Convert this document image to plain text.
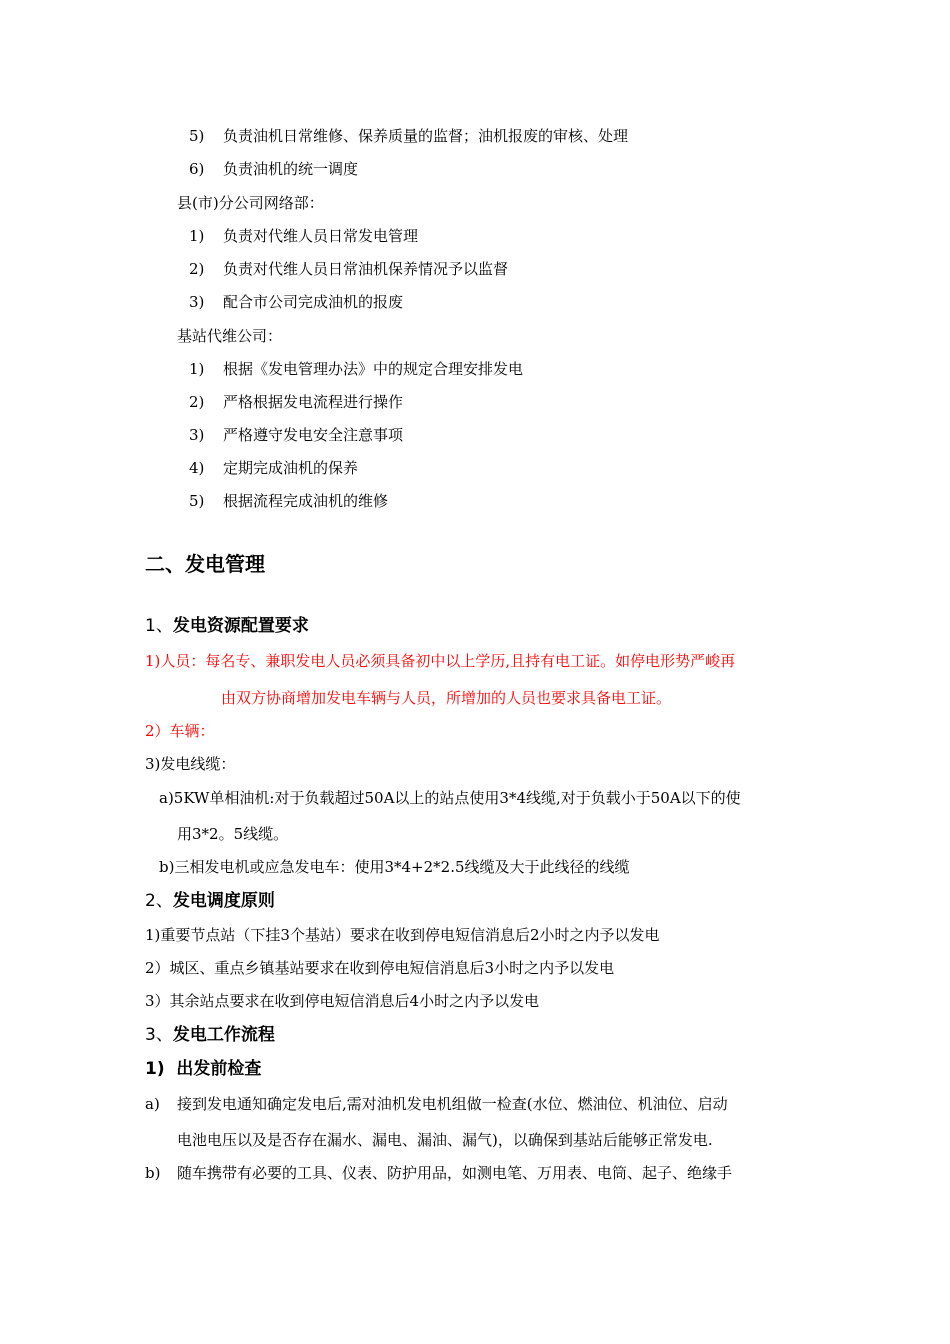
5) 负责油机日常维修、保养质量的监督；油机报废的审核、处理
6) 负责油机的统一调度
县(市)分公司网络部：
1) 负责对代维人员日常发电管理
2) 负责对代维人员日常油机保养情况予以监督
3) 配合市公司完成油机的报废
基站代维公司：
1) 根据《发电管理办法》中的规定合理安排发电
2) 严格根据发电流程进行操作
3) 严格遵守发电安全注意事项
4) 定期完成油机的保养
5) 根据流程完成油机的维修
二、发电管理
1、发电资源配置要求
1)人员：每名专、兼职发电人员必须具备初中以上学历,且持有电工证。如停电形势严峻再
由双方协商增加发电车辆与人员，所增加的人员也要求具备电工证。
2）车辆：
3)发电线缆：
a)5KW单相油机:对于负载超过50A以上的站点使用3*4线缆,对于负载小于50A以下的使
用3*2。5线缆。
b)三相发电机或应急发电车：使用3*4+2*2.5线缆及大于此线径的线缆
2、发电调度原则
1)重要节点站（下挂3个基站）要求在收到停电短信消息后2小时之内予以发电
2）城区、重点乡镇基站要求在收到停电短信消息后3小时之内予以发电
3）其余站点要求在收到停电短信消息后4小时之内予以发电
3、发电工作流程
1)  出发前检查
a) 接到发电通知确定发电后,需对油机发电机组做一检查(水位、燃油位、机油位、启动
电池电压以及是否存在漏水、漏电、漏油、漏气)，以确保到基站后能够正常发电.
b) 随车携带有必要的工具、仪表、防护用品，如测电笔、万用表、电筒、起子、绝缘手
